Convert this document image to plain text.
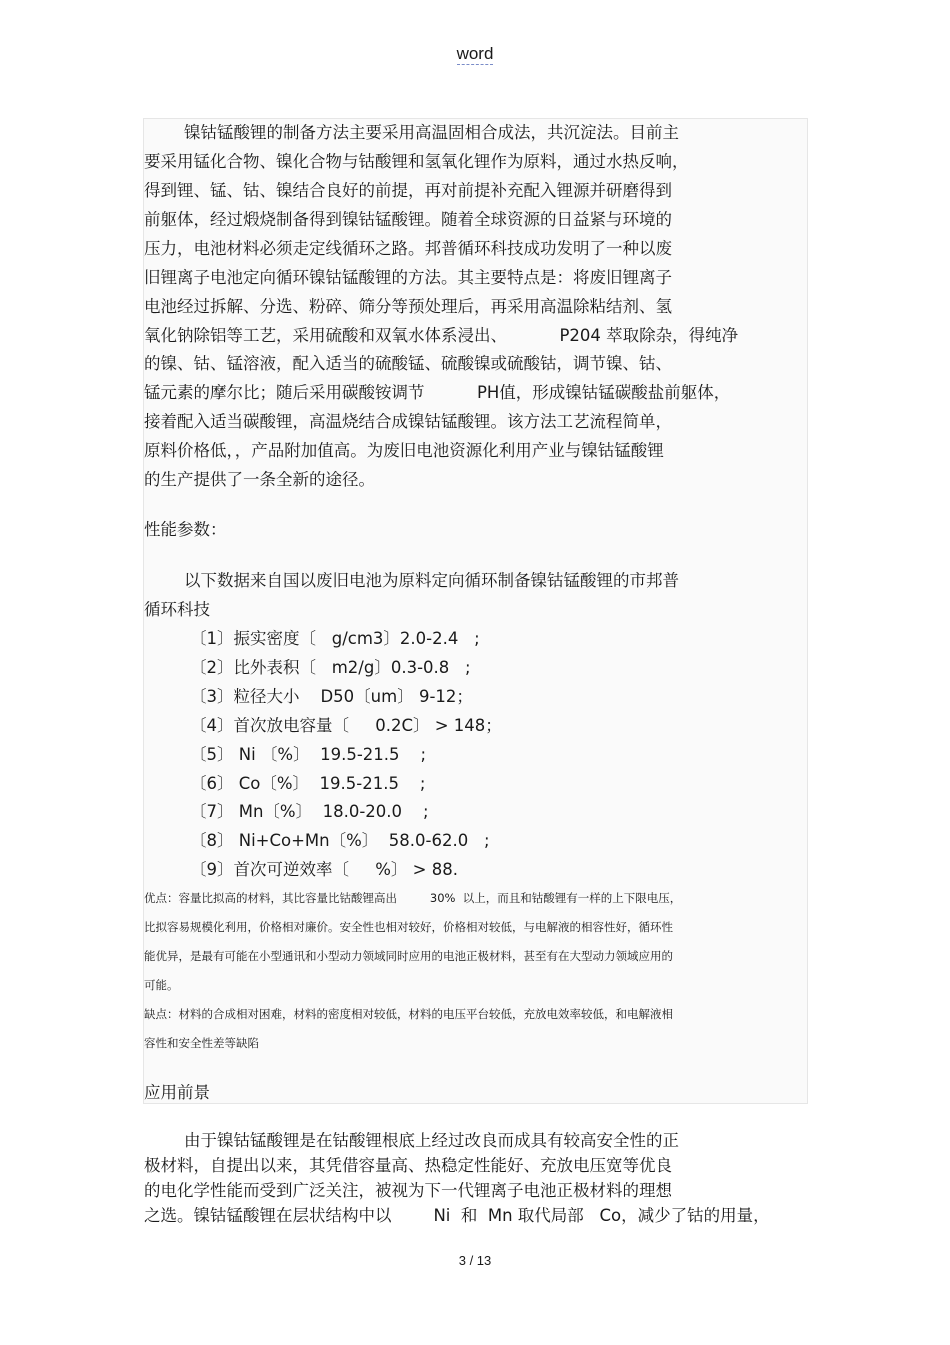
word
镍钴锰酸锂的制备方法主要采用高温固相合成法，共沉淀法。目前主
要采用锰化合物、镍化合物与钴酸锂和氢氧化锂作为原料，通过水热反响，
得到锂、锰、钴、镍结合良好的前提，再对前提补充配入锂源并研磨得到
前躯体，经过煅烧制备得到镍钴锰酸锂。随着全球资源的日益紧与环境的
压力，电池材料必须走定线循环之路。邦普循环科技成功发明了一种以废
旧锂离子电池定向循环镍钴锰酸锂的方法。其主要特点是：将废旧锂离子
电池经过拆解、分选、粉碎、筛分等预处理后，再采用高温除粘结剂、氢
氧化钠除铝等工艺，采用硫酸和双氧水体系浸出、          P204 萃取除杂，得纯净
的镍、钴、锰溶液，配入适当的硫酸锰、硫酸镍或硫酸钴，调节镍、钴、
锰元素的摩尔比；随后采用碳酸铵调节          PH值，形成镍钴锰碳酸盐前躯体，
接着配入适当碳酸锂，高温烧结合成镍钴锰酸锂。该方法工艺流程简单，
原料价格低，，产品附加值高。为废旧电池资源化利用产业与镍钴锰酸锂
的生产提供了一条全新的途径。
性能参数：
以下数据来自国以废旧电池为原料定向循环制备镍钴锰酸锂的市邦普
循环科技
〔1〕振实密度〔   g/cm3〕2.0-2.4   ;
〔2〕比外表积〔   m2/g〕0.3-0.8   ;
〔3〕粒径大小    D50〔um〕 9-12；
〔4〕首次放电容量〔     0.2C〕 > 148；
〔5〕 Ni 〔%〕  19.5-21.5    ;
〔6〕 Co〔%〕  19.5-21.5    ;
〔7〕 Mn〔%〕  18.0-20.0    ;
〔8〕 Ni+Co+Mn〔%〕  58.0-62.0   ;
〔9〕首次可逆效率〔     %〕 > 88.
优点：容量比拟高的材料，其比容量比钴酸锂高出         30%  以上，而且和钴酸锂有一样的上下限电压，
比拟容易规模化利用，价格相对廉价。安全性也相对较好，价格相对较低，与电解液的相容性好，循环性
能优异，是最有可能在小型通讯和小型动力领域同时应用的电池正极材料，甚至有在大型动力领域应用的
可能。
缺点：材料的合成相对困难，材料的密度相对较低，材料的电压平台较低，充放电效率较低，和电解液相
容性和安全性差等缺陷
应用前景
由于镍钴锰酸锂是在钴酸锂根底上经过改良而成具有较高安全性的正
极材料，自提出以来，其凭借容量高、热稳定性能好、充放电压宽等优良
的电化学性能而受到广泛关注，被视为下一代锂离子电池正极材料的理想
之选。镍钴锰酸锂在层状结构中以        Ni  和  Mn 取代局部   Co，减少了钴的用量，
3 / 13
